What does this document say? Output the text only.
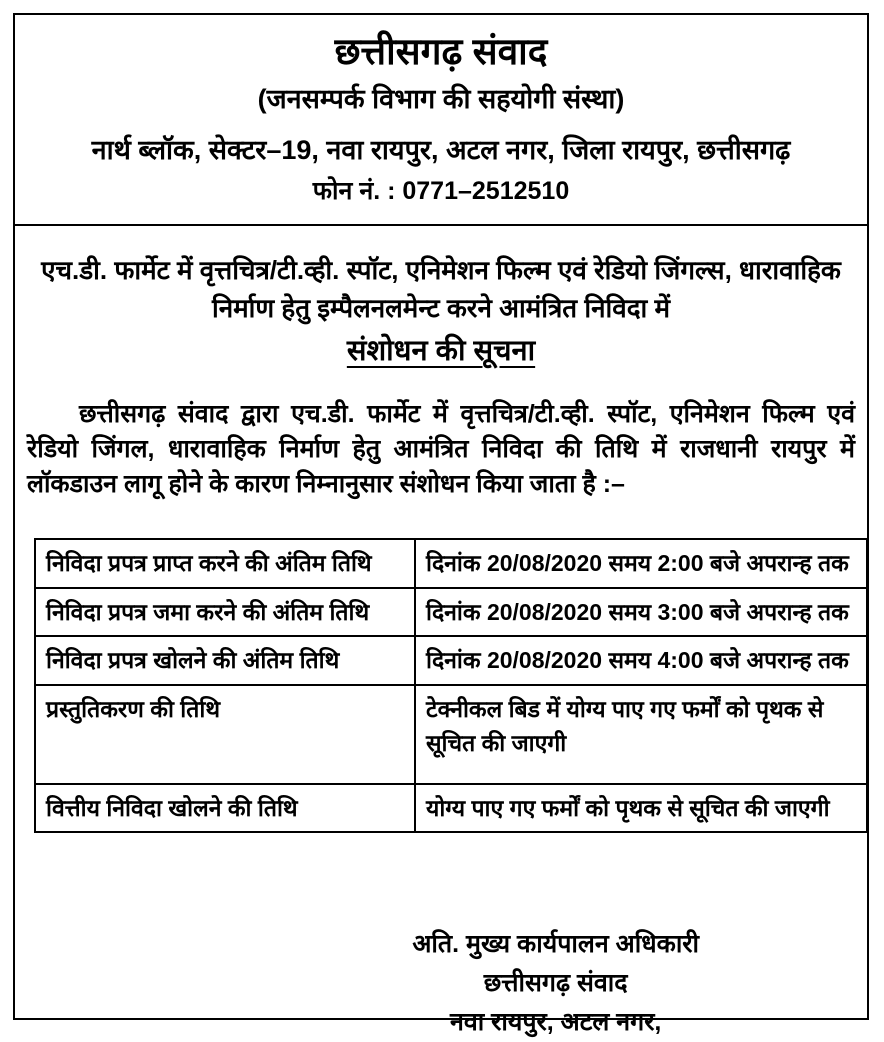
छत्तीसगढ़ संवाद
(जनसम्पर्क विभाग की सहयोगी संस्था)
नार्थ ब्लॉक, सेक्टर–19, नवा रायपुर, अटल नगर, जिला रायपुर, छत्तीसगढ़
फोन नं. : 0771–2512510
एच.डी. फार्मेट में वृत्तचित्र/टी.व्ही. स्पॉट, एनिमेशन फिल्म एवं रेडियो जिंगल्स, धारावाहिक
निर्माण हेतु इम्पैलनलमेन्ट करने आमंत्रित निविदा में
संशोधन की सूचना

छत्तीसगढ़ संवाद द्वारा एच.डी. फार्मेट में वृत्तचित्र/टी.व्ही. स्पॉट, एनिमेशन फिल्म एवं रेडियो जिंगल, धारावाहिक निर्माण हेतु आमंत्रित निविदा की तिथि में राजधानी रायपुर में लॉकडाउन लागू होने के कारण निम्नानुसार संशोधन किया जाता है :–

निविदा प्रपत्र प्राप्त करने की अंतिम तिथि	दिनांक 20/08/2020 समय 2:00 बजे अपरान्ह तक
निविदा प्रपत्र जमा करने की अंतिम तिथि	दिनांक 20/08/2020 समय 3:00 बजे अपरान्ह तक
निविदा प्रपत्र खोलने की अंतिम तिथि	दिनांक 20/08/2020 समय 4:00 बजे अपरान्ह तक
प्रस्तुतिकरण की तिथि	टेक्नीकल बिड में योग्य पाए गए फर्मों को पृथक से सूचित की जाएगी
वित्तीय निविदा खोलने की तिथि	योग्य पाए गए फर्मों को पृथक से सूचित की जाएगी
अति. मुख्य कार्यपालन अधिकारी
छत्तीसगढ़ संवाद
नवा रायपुर, अटल नगर,
